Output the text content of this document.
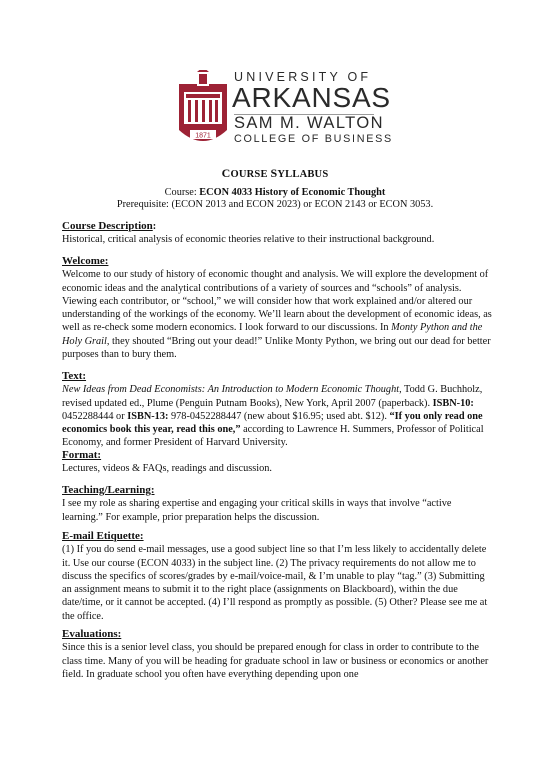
1871
UNIVERSITY OF
ARKANSAS
SAM M. WALTON
COLLEGE OF BUSINESS
COURSE SYLLABUS
Course: ECON 4033 History of Economic Thought
Prerequisite: (ECON 2013 and ECON 2023) or ECON 2143 or ECON 3053.
Course Description:
Historical, critical analysis of economic theories relative to their instructional background.
Welcome:
Welcome to our study of history of economic thought and analysis. We will explore the development of economic ideas and the analytical contributions of a variety of sources and “schools” of analysis. Viewing each contributor, or “school,” we will consider how that work explained and/or altered our understanding of the workings of the economy. We’ll learn about the development of economic ideas, as well as re-check some modern economics. I look forward to our discussions. In Monty Python and the Holy Grail, they shouted “Bring out your dead!” Unlike Monty Python, we bring out our dead for better purposes than to bury them.
Text:
New Ideas from Dead Economists: An Introduction to Modern Economic Thought, Todd G. Buchholz, revised updated ed., Plume (Penguin Putnam Books), New York, April 2007 (paperback). ISBN-10: 0452288444 or ISBN-13: 978-0452288447 (new about $16.95; used abt. $12). “If you only read one economics book this year, read this one,” according to Lawrence H. Summers, Professor of Political Economy, and former President of Harvard University.
Format:
Lectures, videos & FAQs, readings and discussion.
Teaching/Learning:
I see my role as sharing expertise and engaging your critical skills in ways that involve “active learning.” For example, prior preparation helps the discussion.
E-mail Etiquette:
(1) If you do send e-mail messages, use a good subject line so that I’m less likely to accidentally delete it. Use our course (ECON 4033) in the subject line. (2) The privacy requirements do not allow me to discuss the specifics of scores/grades by e-mail/voice-mail, & I’m unable to play “tag.” (3) Submitting an assignment means to submit it to the right place (assignments on Blackboard), within the due date/time, or it cannot be accepted. (4) I’ll respond as promptly as possible. (5) Other? Please see me at the office.
Evaluations:
Since this is a senior level class, you should be prepared enough for class in order to contribute to the class time. Many of you will be heading for graduate school in law or business or economics or another field. In graduate school you often have everything depending upon one
